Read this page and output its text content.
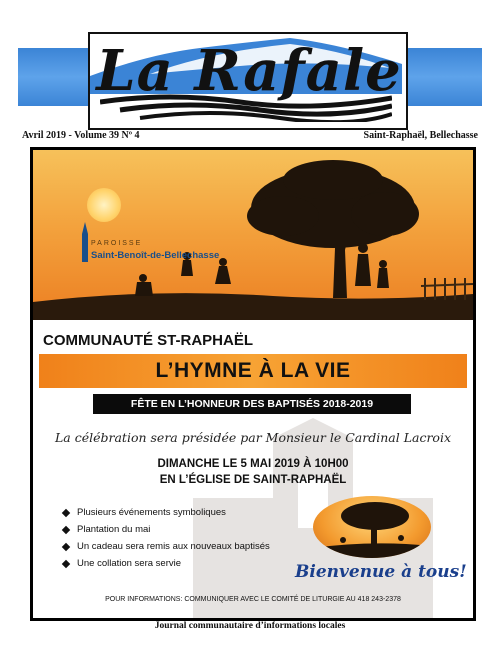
La Rafale
Avril 2019 - Volume 39 Nº 4	Saint-Raphaël, Bellechasse
PAROISSE
Saint-Benoît-de-Bellechasse
COMMUNAUTÉ ST-RAPHAËL
L’HYMNE À LA VIE
FÊTE EN L’HONNEUR DES BAPTISÉS 2018-2019
La célébration sera présidée par Monsieur le Cardinal Lacroix
DIMANCHE LE 5 MAI 2019 À 10H00
EN L’ÉGLISE DE SAINT-RAPHAËL
Plusieurs événements symboliques
Plantation du mai
Un cadeau sera remis aux nouveaux baptisés
Une collation sera servie	Bienvenue à tous!
POUR INFORMATIONS: COMMUNIQUER AVEC LE COMITÉ DE LITURGIE AU 418 243-2378
Journal communautaire d’informations locales
